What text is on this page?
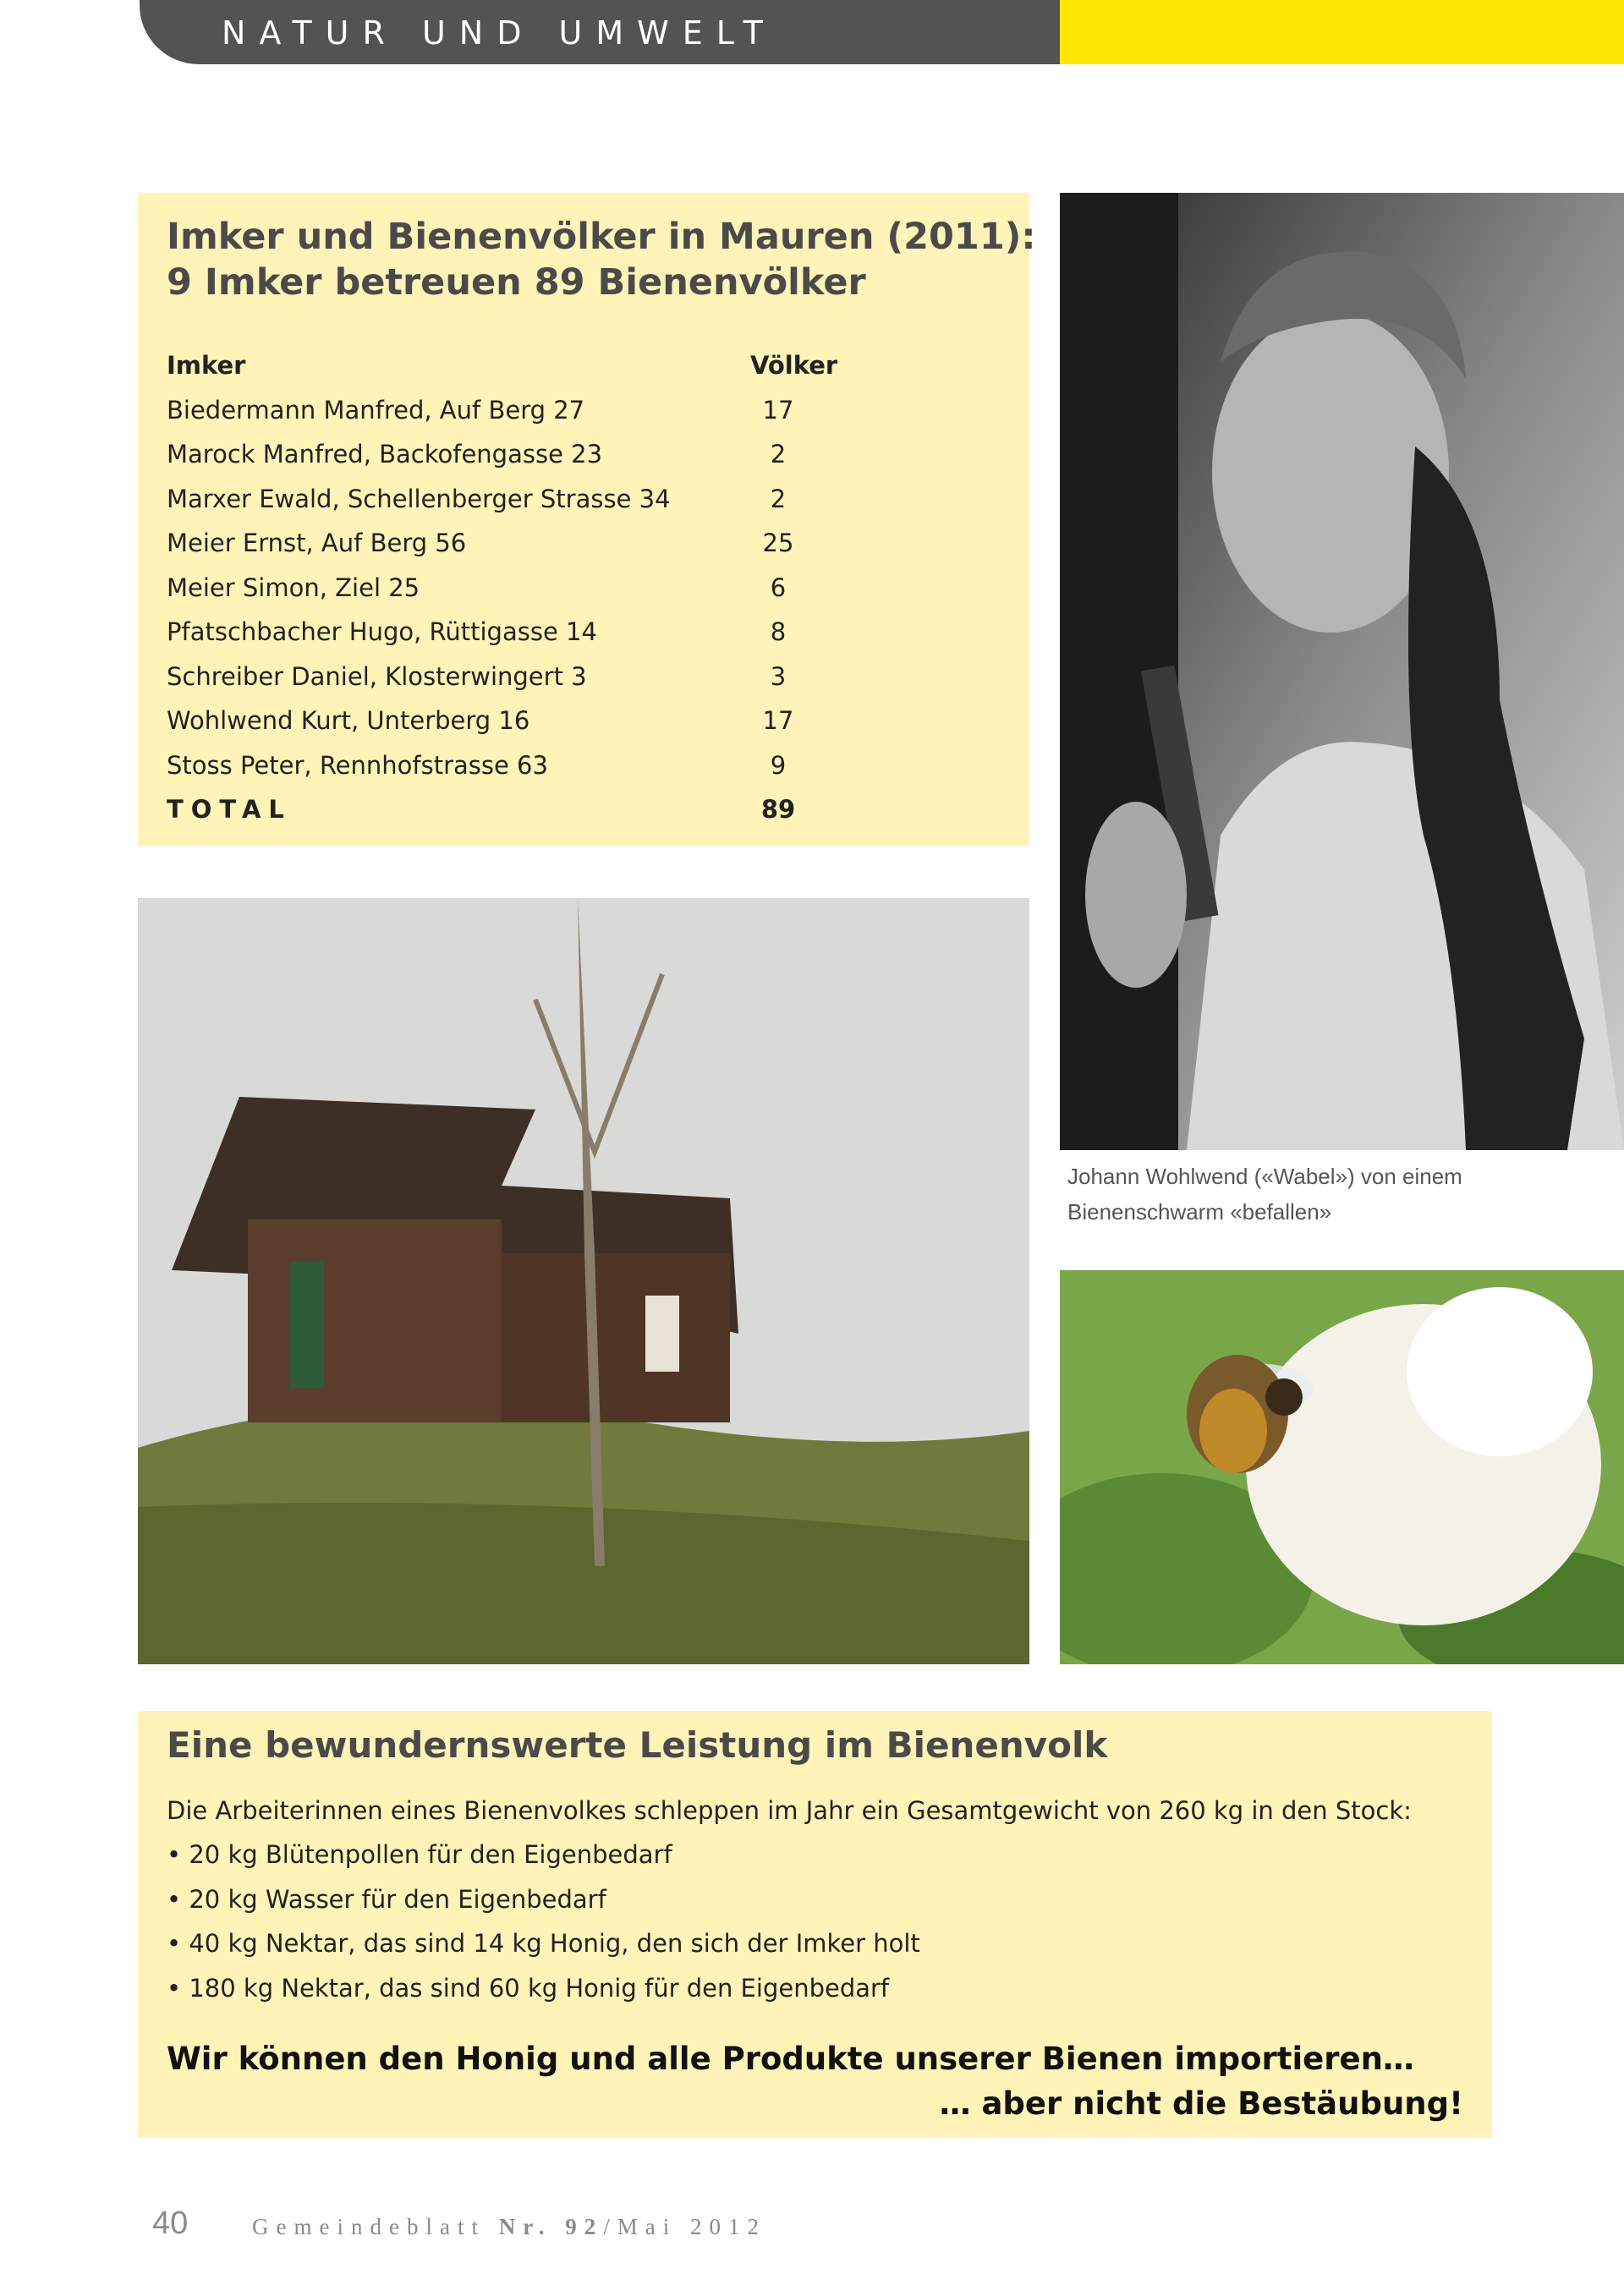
NATUR UND UMWELT
Imker und Bienenvölker in Mauren (2011):
9 Imker betreuen 89 Bienenvölker
Imker	Völker
Biedermann Manfred, Auf Berg 27	17
Marock Manfred, Backofengasse 23	2
Marxer Ewald, Schellenberger Strasse 34	2
Meier Ernst, Auf Berg 56	25
Meier Simon, Ziel 25	6
Pfatschbacher Hugo, Rüttigasse 14	8
Schreiber Daniel, Klosterwingert 3	3
Wohlwend Kurt, Unterberg 16	17
Stoss Peter, Rennhofstrasse 63	9
TOTAL	89
Johann Wohlwend («Wabel») von einem
Bienenschwarm «befallen»
Eine bewundernswerte Leistung im Bienenvolk
Die Arbeiterinnen eines Bienenvolkes schleppen im Jahr ein Gesamtgewicht von 260 kg in den Stock:
• 20 kg Blütenpollen für den Eigenbedarf
• 20 kg Wasser für den Eigenbedarf
• 40 kg Nektar, das sind 14 kg Honig, den sich der Imker holt
• 180 kg Nektar, das sind 60 kg Honig für den Eigenbedarf
Wir können den Honig und alle Produkte unserer Bienen importieren…
… aber nicht die Bestäubung!
40	Gemeindeblatt Nr. 92/Mai 2012
